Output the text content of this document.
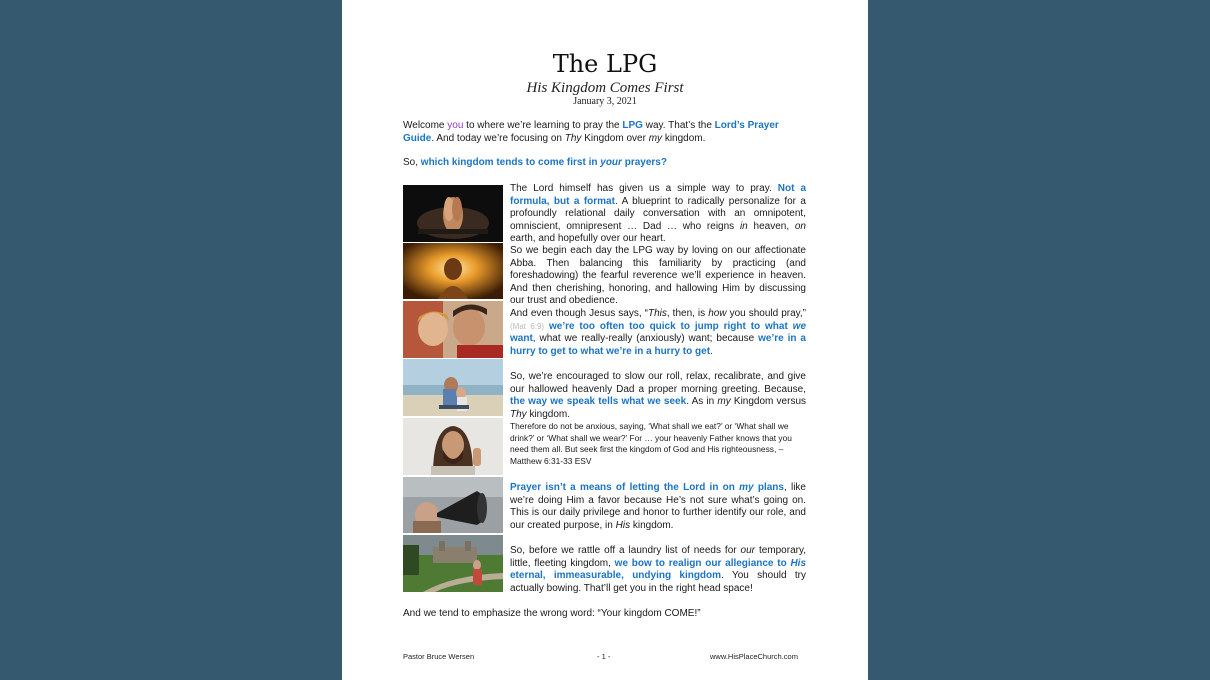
The LPG
His Kingdom Comes First
January 3, 2021

Welcome you to where we’re learning to pray the LPG way. That’s the Lord’s Prayer Guide. And today we’re focusing on Thy Kingdom over my kingdom.

So, which kingdom tends to come first in your prayers?

The Lord himself has given us a simple way to pray. Not a formula, but a format. A blueprint to radically personalize for a profoundly relational daily conversation with an omnipotent, omniscient, omnipresent … Dad … who reigns in heaven, on earth, and hopefully over our heart.

So we begin each day the LPG way by loving on our affectionate Abba. Then balancing this familiarity by practicing (and foreshadowing) the fearful reverence we’ll experience in heaven. And then cherishing, honoring, and hallowing Him by discussing our trust and obedience.

And even though Jesus says, “This, then, is how you should pray,” (Mat 6:9) we’re too often too quick to jump right to what we want, what we really-really (anxiously) want; because we’re in a hurry to get to what we’re in a hurry to get.

So, we’re encouraged to slow our roll, relax, recalibrate, and give our hallowed heavenly Dad a proper morning greeting. Because, the way we speak tells what we seek. As in my Kingdom versus Thy kingdom.

Therefore do not be anxious, saying, ‘What shall we eat?’ or ‘What shall we drink?’ or ‘What shall we wear?’ For … your heavenly Father knows that you need them all. But seek first the kingdom of God and His righteousness, – Matthew 6:31-33 ESV

Prayer isn’t a means of letting the Lord in on my plans, like we’re doing Him a favor because He’s not sure what’s going on. This is our daily privilege and honor to further identify our role, and our created purpose, in His kingdom.

So, before we rattle off a laundry list of needs for our temporary, little, fleeting kingdom, we bow to realign our allegiance to His eternal, immeasurable, undying kingdom. You should try actually bowing. That’ll get you in the right head space!

And we tend to emphasize the wrong word: “Your kingdom COME!”

Pastor Bruce Wersen	- 1 -	www.HisPlaceChurch.com
